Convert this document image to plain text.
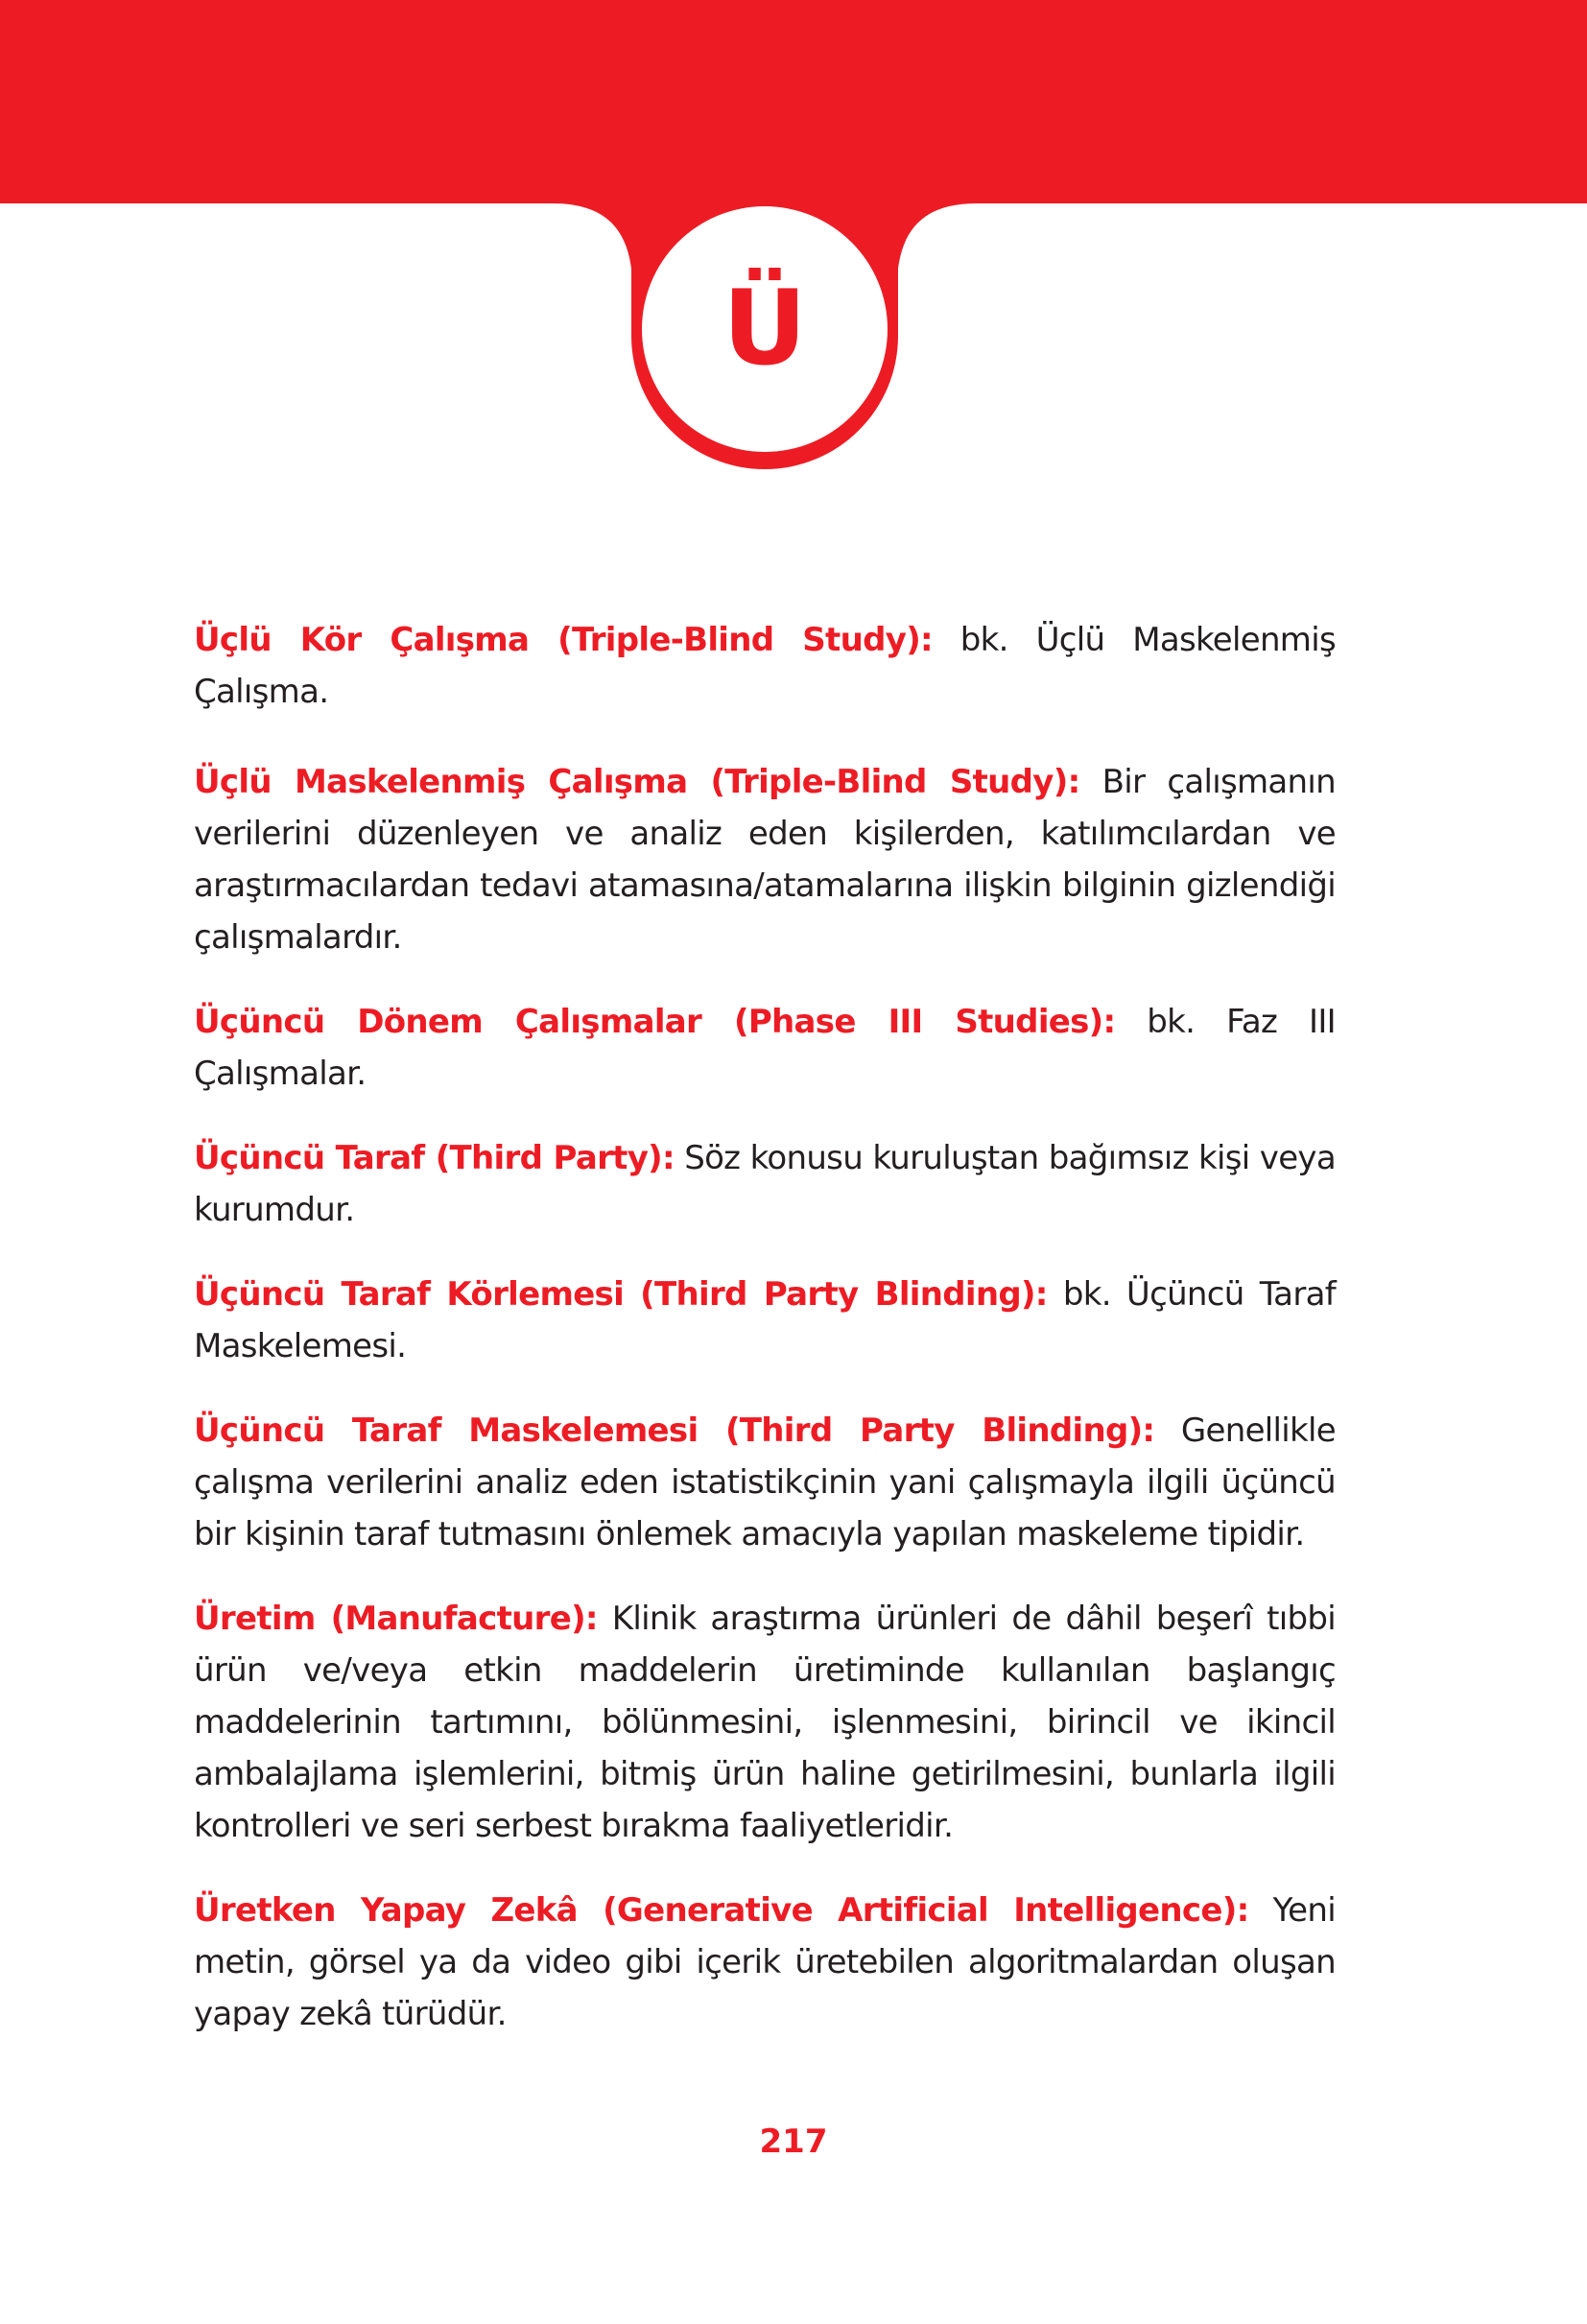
Ü

Üçlü Kör Çalışma (Triple-Blind Study): bk. Üçlü Maskelenmiş Çalışma.

Üçlü Maskelenmiş Çalışma (Triple-Blind Study): Bir çalışmanın verilerini düzenleyen ve analiz eden kişilerden, katılımcılardan ve araştırmacılardan tedavi atamasına/atamalarına ilişkin bilginin gizlendiği çalışmalardır.

Üçüncü Dönem Çalışmalar (Phase III Studies): bk. Faz III Çalışmalar.

Üçüncü Taraf (Third Party): Söz konusu kuruluştan bağımsız kişi veya kurumdur.

Üçüncü Taraf Körlemesi (Third Party Blinding): bk. Üçüncü Taraf Maskelemesi.

Üçüncü Taraf Maskelemesi (Third Party Blinding): Genellikle çalışma verilerini analiz eden istatistikçinin yani çalışmayla ilgili üçüncü bir kişinin taraf tutmasını önlemek amacıyla yapılan maskeleme tipidir.

Üretim (Manufacture): Klinik araştırma ürünleri de dâhil beşerî tıbbi ürün ve/veya etkin maddelerin üretiminde kullanılan başlangıç maddelerinin tartımını, bölünmesini, işlenmesini, birincil ve ikincil ambalajlama işlemlerini, bitmiş ürün haline getirilmesini, bunlarla ilgili kontrolleri ve seri serbest bırakma faaliyetleridir.

Üretken Yapay Zekâ (Generative Artificial Intelligence): Yeni metin, görsel ya da video gibi içerik üretebilen algoritmalardan oluşan yapay zekâ türüdür.

217
